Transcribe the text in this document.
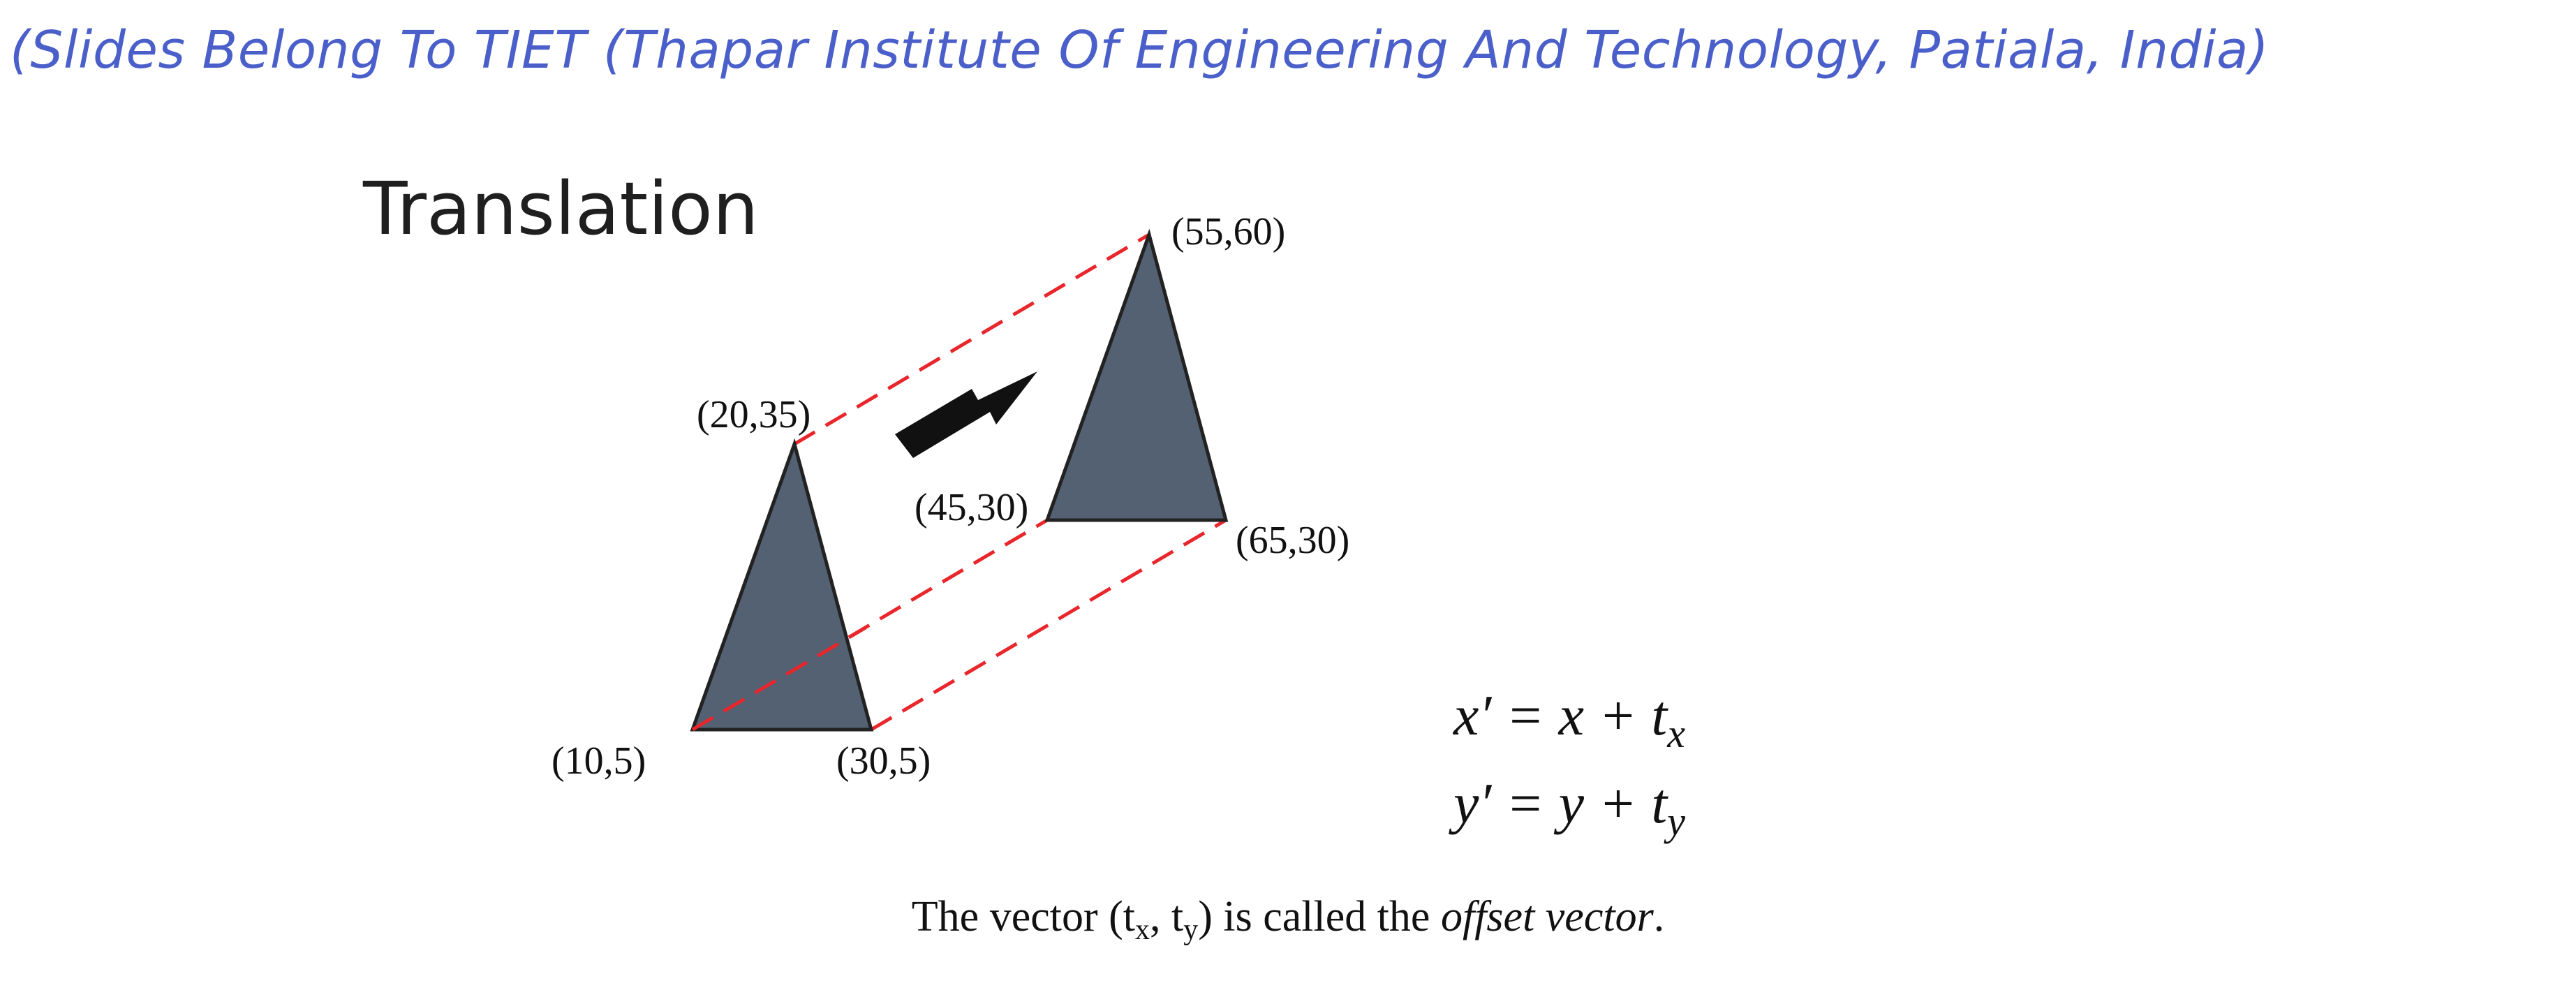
(Slides Belong To TIET (Thapar Institute Of Engineering And Technology, Patiala, India)
Translation
(20,35)
(10,5)	(30,5)
(55,60)
(45,30)
(65,30)
$x' = x + t_x$
$y' = y + t_y$
The vector ($t_x$, $t_y$) is called the offset vector.
